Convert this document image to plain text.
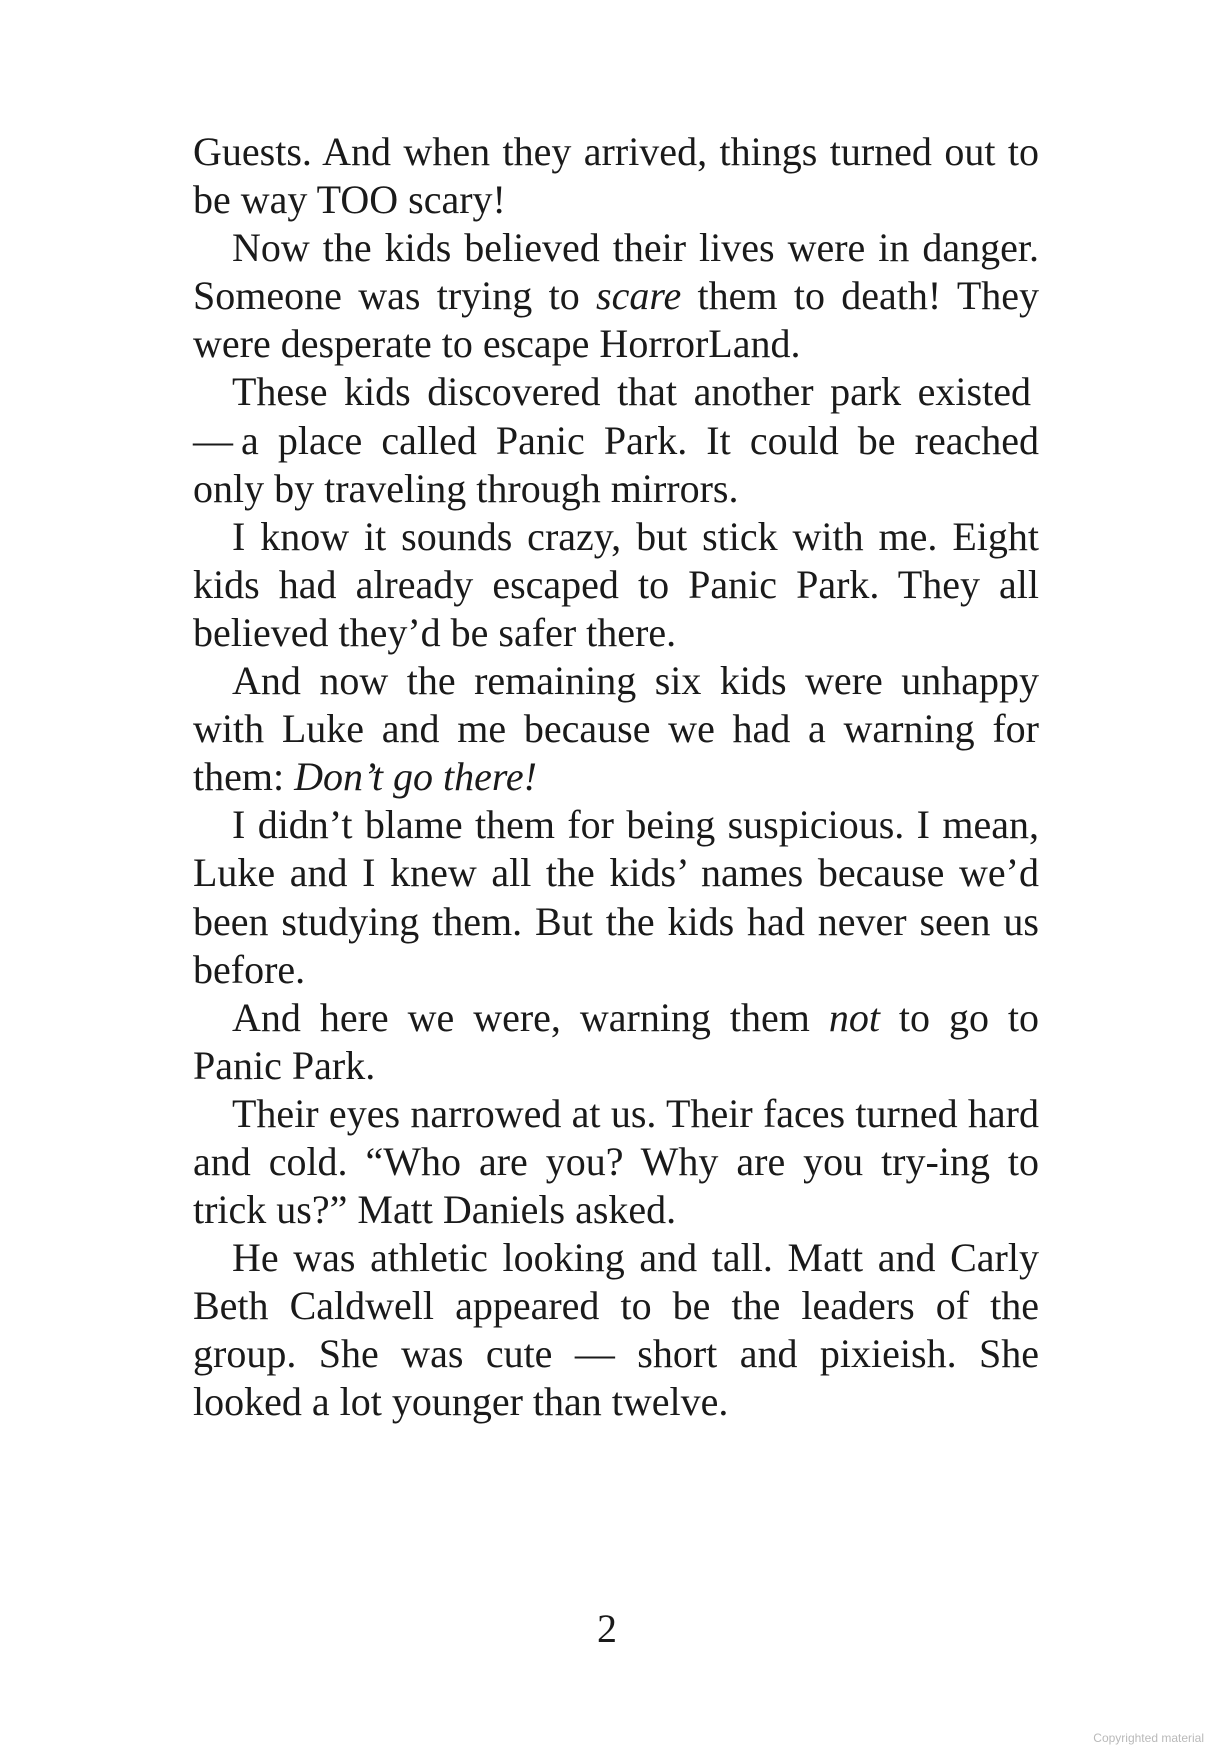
Guests. And when they arrived, things turned out to be way TOO scary!

Now the kids believed their lives were in danger. Someone was trying to scare them to death! They were desperate to escape HorrorLand.

These kids discovered that another park existed — a place called Panic Park. It could be reached only by traveling through mirrors.

I know it sounds crazy, but stick with me. Eight kids had already escaped to Panic Park. They all believed they’d be safer there.

And now the remaining six kids were unhappy with Luke and me because we had a warning for them: Don’t go there!

I didn’t blame them for being suspicious. I mean, Luke and I knew all the kids’ names because we’d been studying them. But the kids had never seen us before.

And here we were, warning them not to go to Panic Park.

Their eyes narrowed at us. Their faces turned hard and cold. “Who are you? Why are you try-ing to trick us?” Matt Daniels asked.

He was athletic looking and tall. Matt and Carly Beth Caldwell appeared to be the leaders of the group. She was cute — short and pixieish. She looked a lot younger than twelve.

2
Copyrighted material
